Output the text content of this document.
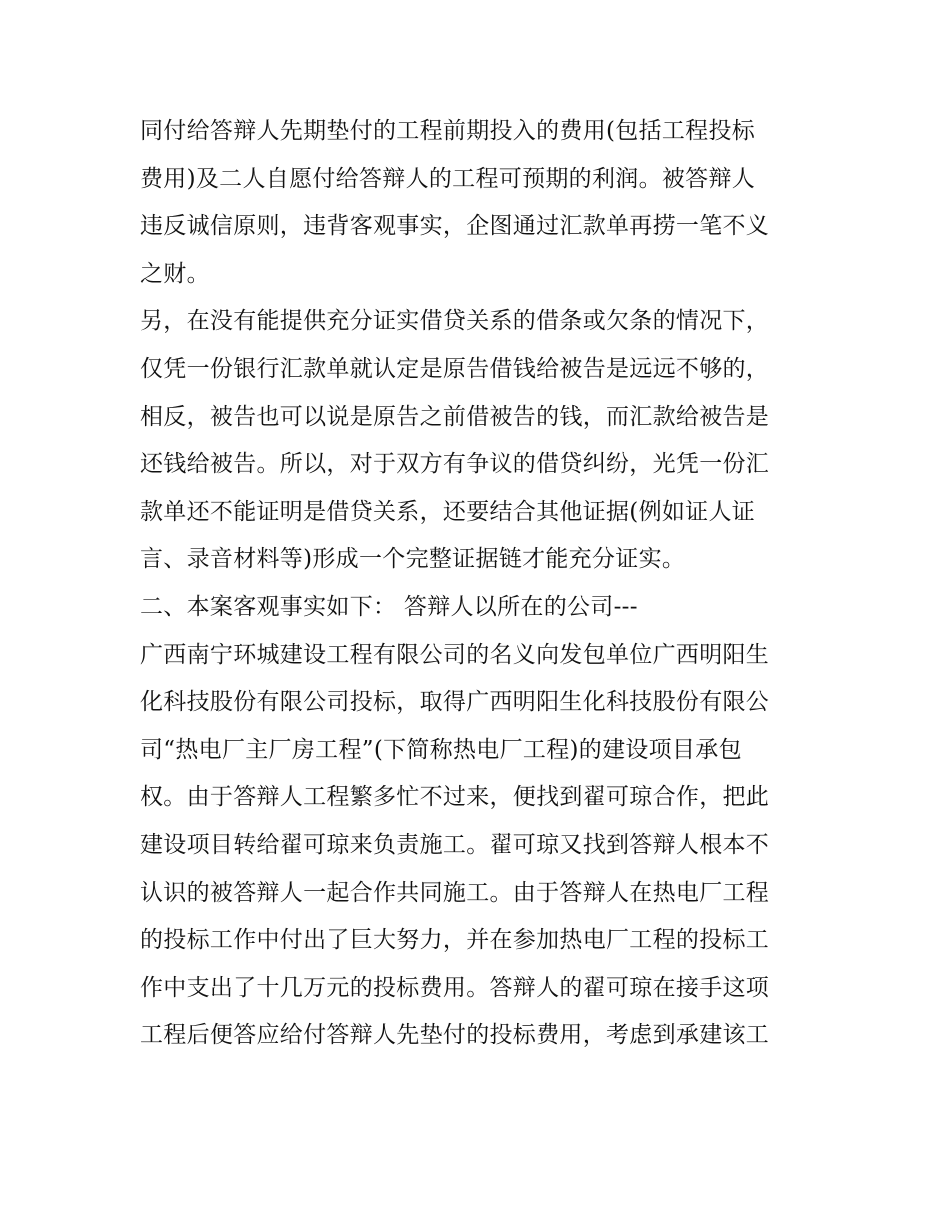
同付给答辩人先期垫付的工程前期投入的费用(包括工程投标
费用)及二人自愿付给答辩人的工程可预期的利润。被答辩人
违反诚信原则，违背客观事实，企图通过汇款单再捞一笔不义
之财。
另，在没有能提供充分证实借贷关系的借条或欠条的情况下，
仅凭一份银行汇款单就认定是原告借钱给被告是远远不够的，
相反，被告也可以说是原告之前借被告的钱，而汇款给被告是
还钱给被告。所以，对于双方有争议的借贷纠纷，光凭一份汇
款单还不能证明是借贷关系，还要结合其他证据(例如证人证
言、录音材料等)形成一个完整证据链才能充分证实。
二、本案客观事实如下： 答辩人以所在的公司---
广西南宁环城建设工程有限公司的名义向发包单位广西明阳生
化科技股份有限公司投标，取得广西明阳生化科技股份有限公
司“热电厂主厂房工程”(下简称热电厂工程)的建设项目承包
权。由于答辩人工程繁多忙不过来，便找到翟可琼合作，把此
建设项目转给翟可琼来负责施工。翟可琼又找到答辩人根本不
认识的被答辩人一起合作共同施工。由于答辩人在热电厂工程
的投标工作中付出了巨大努力，并在参加热电厂工程的投标工
作中支出了十几万元的投标费用。答辩人的翟可琼在接手这项
工程后便答应给付答辩人先垫付的投标费用，考虑到承建该工
